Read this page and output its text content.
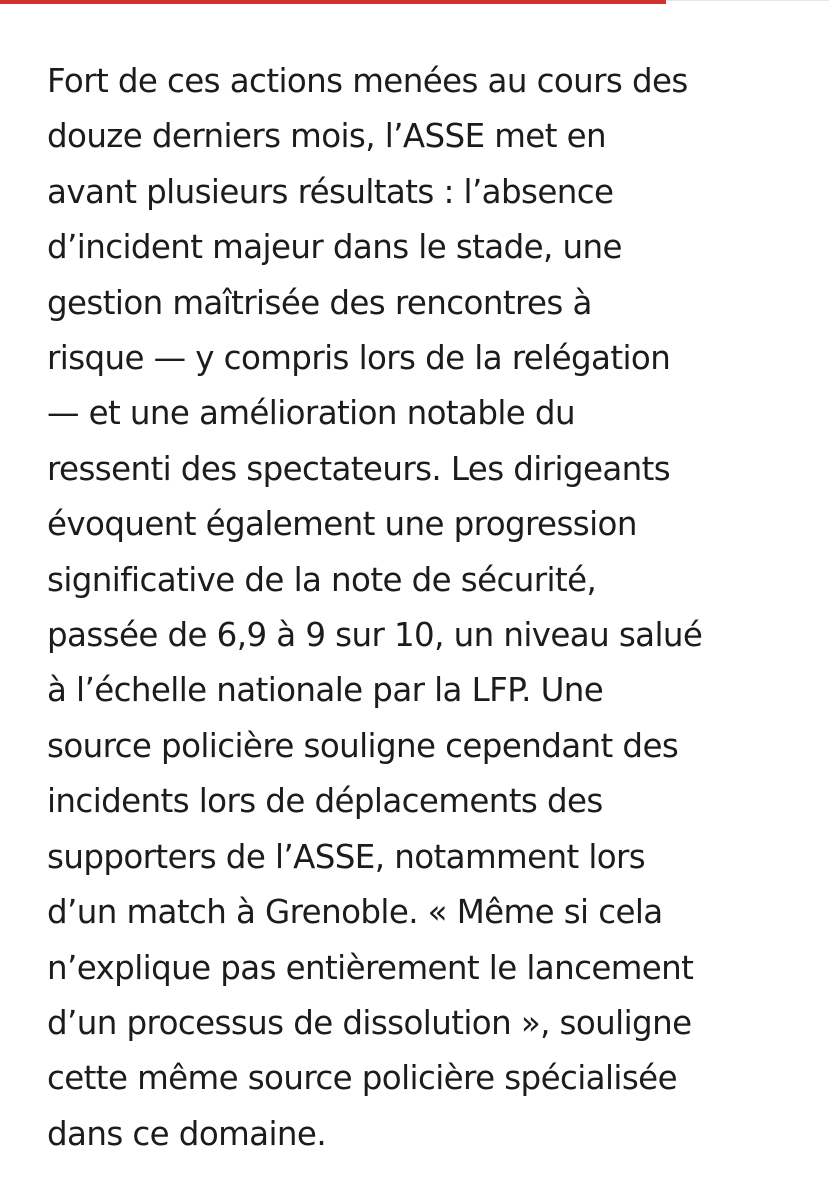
Fort de ces actions menées au cours des
douze derniers mois, l’ASSE met en
avant plusieurs résultats : l’absence
d’incident majeur dans le stade, une
gestion maîtrisée des rencontres à
risque — y compris lors de la relégation
— et une amélioration notable du
ressenti des spectateurs. Les dirigeants
évoquent également une progression
significative de la note de sécurité,
passée de 6,9 à 9 sur 10, un niveau salué
à l’échelle nationale par la LFP. Une
source policière souligne cependant des
incidents lors de déplacements des
supporters de l’ASSE, notamment lors
d’un match à Grenoble. « Même si cela
n’explique pas entièrement le lancement
d’un processus de dissolution », souligne
cette même source policière spécialisée
dans ce domaine.
